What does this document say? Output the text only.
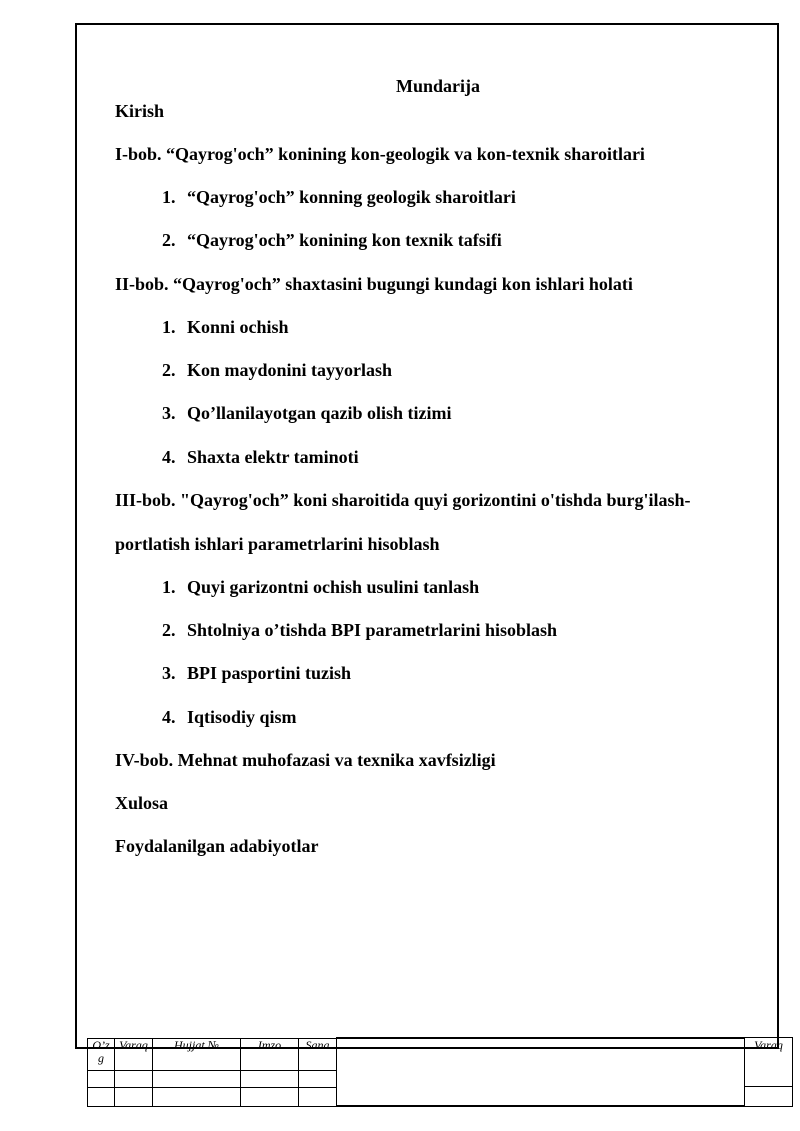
Mundarija
Kirish
I-bob. “Qayrog'och” konining kon-geologik va kon-texnik sharoitlari
1. “Qayrog'och” konning geologik sharoitlari
2. “Qayrog'och” konining kon texnik tafsifi
II-bob. “Qayrog'och” shaxtasini bugungi kundagi kon ishlari holati
1. Konni ochish
2. Kon maydonini tayyorlash
3. Qo’llanilayotgan qazib olish tizimi
4. Shaxta elektr taminoti
III-bob. "Qayrog'och” koni sharoitida quyi gorizontini o'tishda burg'ilash-
portlatish ishlari parametrlarini hisoblash
1. Quyi garizontni ochish usulini tanlash
2. Shtolniya o’tishda BPI parametrlarini hisoblash
3. BPI pasportini tuzish
4. Iqtisodiy qism
IV-bob. Mehnat muhofazasi va texnika xavfsizligi
Xulosa
Foydalanilgan adabiyotlar
O’z g	Varaq	Hujjat №	Imzo	Sana	

					Varaq
